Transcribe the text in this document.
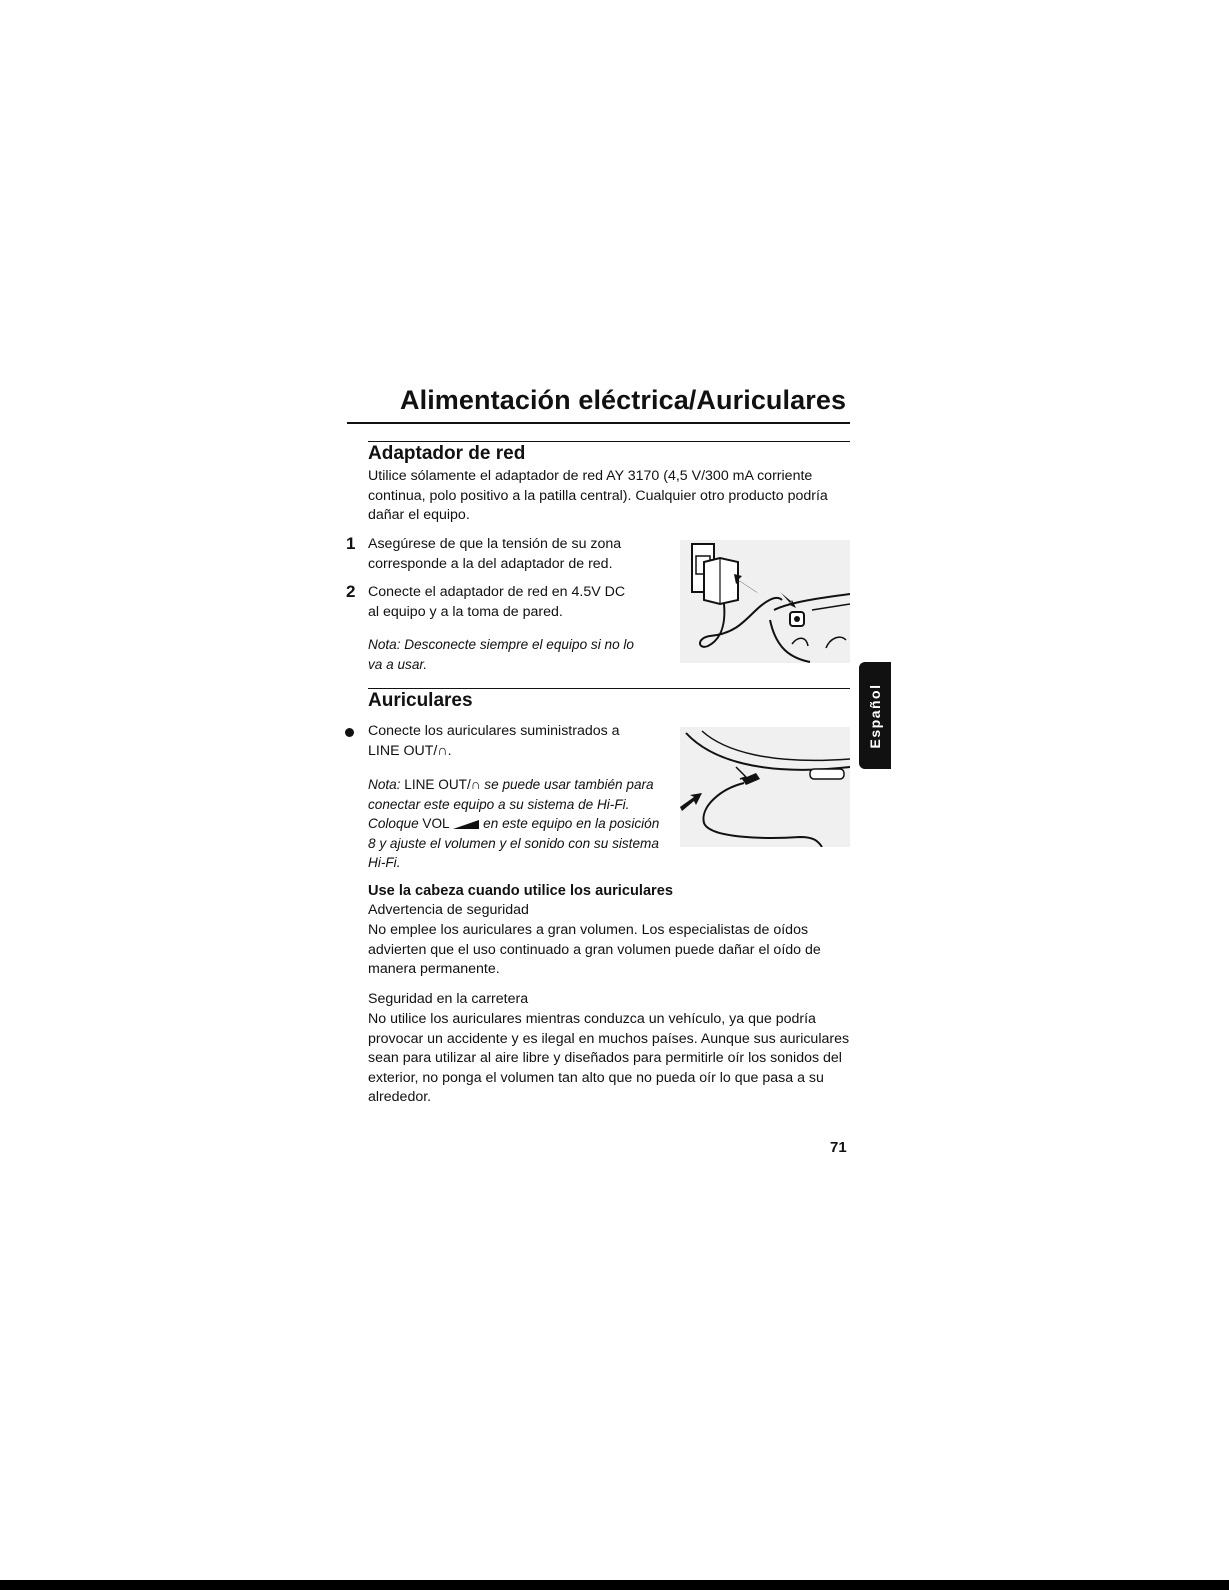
Alimentación eléctrica/Auriculares
Adaptador de red
Utilice sólamente el adaptador de red AY 3170 (4,5 V/300 mA corriente continua, polo positivo a la patilla central). Cualquier otro producto podría dañar el equipo.
1 Asegúrese de que la tensión de su zona corresponde a la del adaptador de red.
2 Conecte el adaptador de red en 4.5V DC al equipo y a la toma de pared.
Nota: Desconecte siempre el equipo si no lo va a usar.
Auriculares
Conecte los auriculares suministrados a
LINE OUT/∩.
Nota: LINE OUT/∩ se puede usar también para conectar este equipo a su sistema de Hi-Fi. Coloque VOL  en este equipo en la posición 8 y ajuste el volumen y el sonido con su sistema Hi-Fi.
Use la cabeza cuando utilice los auriculares
Advertencia de seguridad
No emplee los auriculares a gran volumen. Los especialistas de oídos advierten que el uso continuado a gran volumen puede dañar el oído de manera permanente.
Seguridad en la carretera
No utilice los auriculares mientras conduzca un vehículo, ya que podría provocar un accidente y es ilegal en muchos países. Aunque sus auriculares sean para utilizar al aire libre y diseñados para permitirle oír los sonidos del exterior, no ponga el volumen tan alto que no pueda oír lo que pasa a su alrededor.
Español
71
